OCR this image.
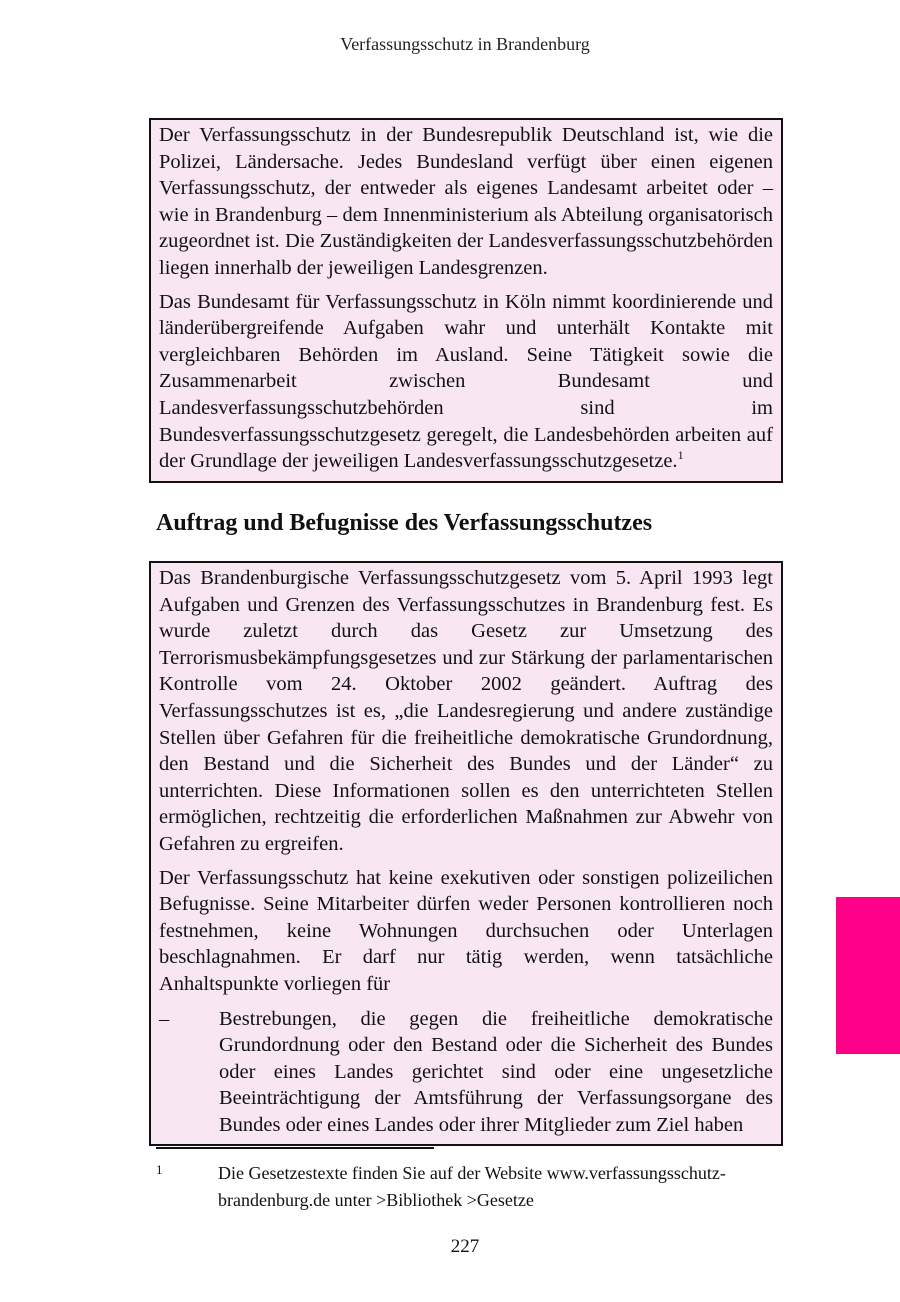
Verfassungsschutz in Brandenburg

Der Verfassungsschutz in der Bundesrepublik Deutschland ist, wie die Polizei, Ländersache. Jedes Bundesland verfügt über einen eigenen Verfassungsschutz, der entweder als eigenes Landesamt arbeitet oder – wie in Brandenburg – dem Innenministerium als Abteilung organisatorisch zugeordnet ist. Die Zuständigkeiten der Landesverfassungsschutzbehörden liegen innerhalb der jeweiligen Landesgrenzen.

Das Bundesamt für Verfassungsschutz in Köln nimmt koordinierende und länderübergreifende Aufgaben wahr und unterhält Kontakte mit vergleichbaren Behörden im Ausland. Seine Tätigkeit sowie die Zusammenarbeit zwischen Bundesamt und Landesverfassungsschutzbehörden sind im Bundesverfassungsschutzgesetz geregelt, die Landesbehörden arbeiten auf der Grundlage der jeweiligen Landesverfassungsschutzgesetze.$^1$

Auftrag und Befugnisse des Verfassungsschutzes

Das Brandenburgische Verfassungsschutzgesetz vom 5. April 1993 legt Aufgaben und Grenzen des Verfassungsschutzes in Brandenburg fest. Es wurde zuletzt durch das Gesetz zur Umsetzung des Terrorismusbekämpfungsgesetzes und zur Stärkung der parlamentarischen Kontrolle vom 24. Oktober 2002 geändert. Auftrag des Verfassungsschutzes ist es, „die Landesregierung und andere zuständige Stellen über Gefahren für die freiheitliche demokratische Grundordnung, den Bestand und die Sicherheit des Bundes und der Länder“ zu unterrichten. Diese Informationen sollen es den unterrichteten Stellen ermöglichen, rechtzeitig die erforderlichen Maßnahmen zur Abwehr von Gefahren zu ergreifen.

Der Verfassungsschutz hat keine exekutiven oder sonstigen polizeilichen Befugnisse. Seine Mitarbeiter dürfen weder Personen kontrollieren noch festnehmen, keine Wohnungen durchsuchen oder Unterlagen beschlagnahmen. Er darf nur tätig werden, wenn tatsächliche Anhaltspunkte vorliegen für

–	Bestrebungen, die gegen die freiheitliche demokratische Grundordnung oder den Bestand oder die Sicherheit des Bundes oder eines Landes gerichtet sind oder eine ungesetzliche Beeinträchtigung der Amtsführung der Verfassungsorgane des Bundes oder eines Landes oder ihrer Mitglieder zum Ziel haben
1	Die Gesetzestexte finden Sie auf der Website www.verfassungsschutz-brandenburg.de unter >Bibliothek >Gesetze
227
